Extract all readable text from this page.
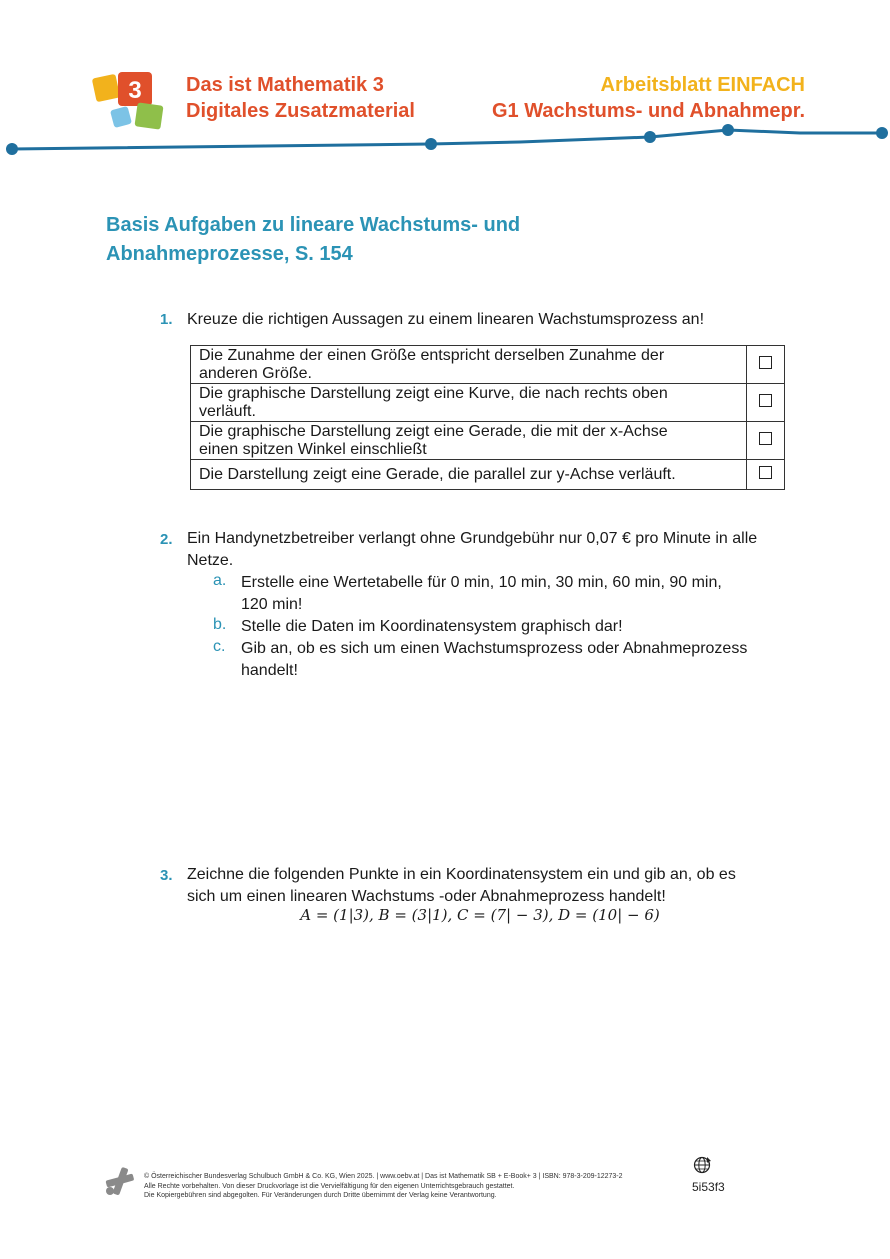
3 Das ist Mathematik 3
Digitales Zusatzmaterial
Arbeitsblatt EINFACH
G1 Wachstums- und Abnahmepr.
Basis Aufgaben zu lineare Wachstums- und
Abnahmeprozesse, S. 154
1. Kreuze die richtigen Aussagen zu einem linearen Wachstumsprozess an!
Die Zunahme der einen Größe entspricht derselben Zunahme der
anderen Größe.	

Die graphische Darstellung zeigt eine Kurve, die nach rechts oben
verläuft.	

Die graphische Darstellung zeigt eine Gerade, die mit der x-Achse
einen spitzen Winkel einschließt	

Die Darstellung zeigt eine Gerade, die parallel zur y-Achse verläuft.	

2. Ein Handynetzbetreiber verlangt ohne Grundgebühr nur 0,07 € pro Minute in alle
Netze.
a. Erstelle eine Wertetabelle für 0 min, 10 min, 30 min, 60 min, 90 min,
120 min!
b. Stelle die Daten im Koordinatensystem graphisch dar!
c. Gib an, ob es sich um einen Wachstumsprozess oder Abnahmeprozess
handelt!
3. Zeichne die folgenden Punkte in ein Koordinatensystem ein und gib an, ob es
sich um einen linearen Wachstums -oder Abnahmeprozess handelt!
A = (1|3), B = (3|1), C = (7| − 3), D = (10| − 6)
© Österreichischer Bundesverlag Schulbuch GmbH & Co. KG, Wien 2025. | www.oebv.at | Das ist Mathematik SB + E-Book+ 3 | ISBN: 978-3-209-12273-2
Alle Rechte vorbehalten. Von dieser Druckvorlage ist die Vervielfältigung für den eigenen Unterrichtsgebrauch gestattet.
Die Kopiergebühren sind abgegolten. Für Veränderungen durch Dritte übernimmt der Verlag keine Verantwortung.
5i53f3
